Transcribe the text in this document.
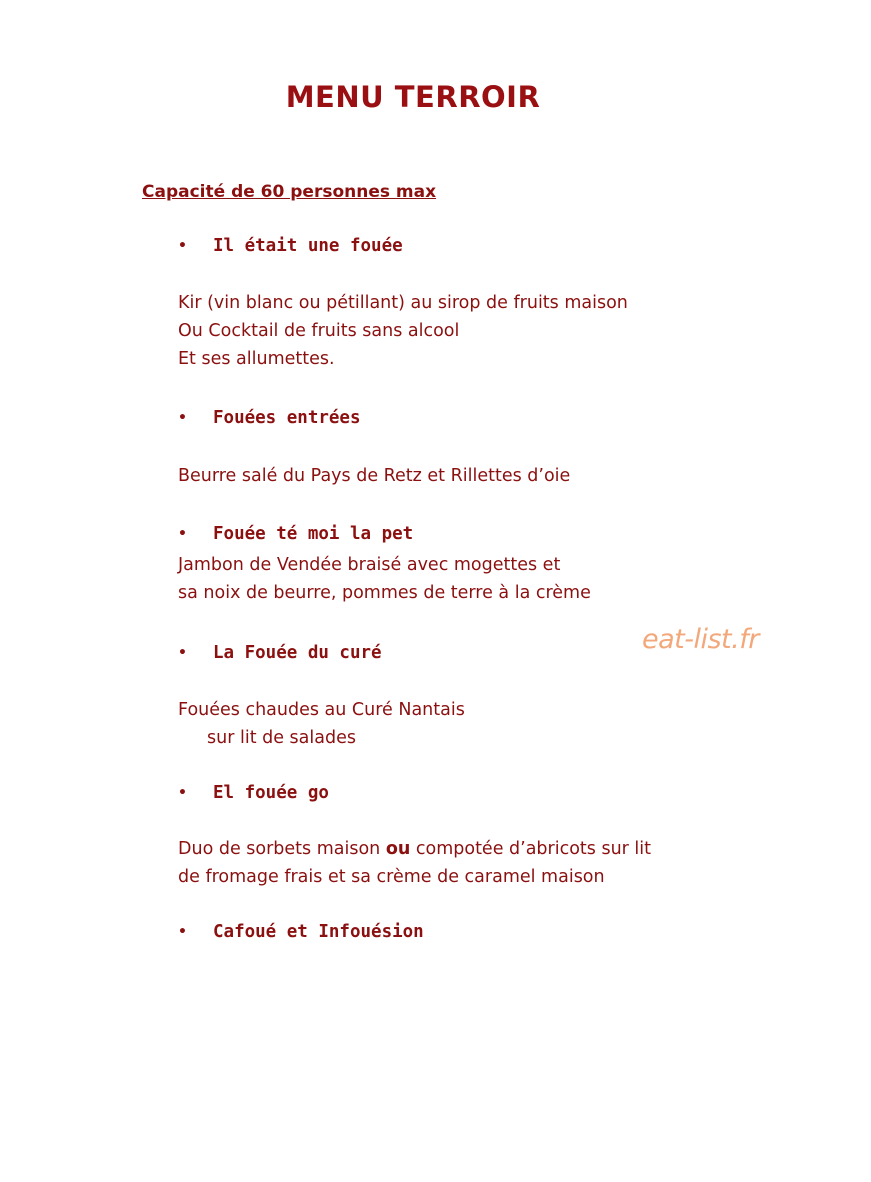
MENU TERROIR
Capacité de 60 personnes max
•	Il était une fouée
Kir (vin blanc ou pétillant) au sirop de fruits maison
Ou Cocktail de fruits sans alcool
Et ses allumettes.
•	Fouées entrées
Beurre salé du Pays de Retz et Rillettes d’oie
•	Fouée té moi la pet
Jambon de Vendée braisé avec mogettes et
sa noix de beurre, pommes de terre à la crème
•	La Fouée du curé
Fouées chaudes au Curé Nantais
sur lit de salades
•	El fouée go
Duo de sorbets maison ou compotée d’abricots sur lit
de fromage frais et sa crème de caramel maison
•	Cafoué et Infouésion
eat-list.fr
